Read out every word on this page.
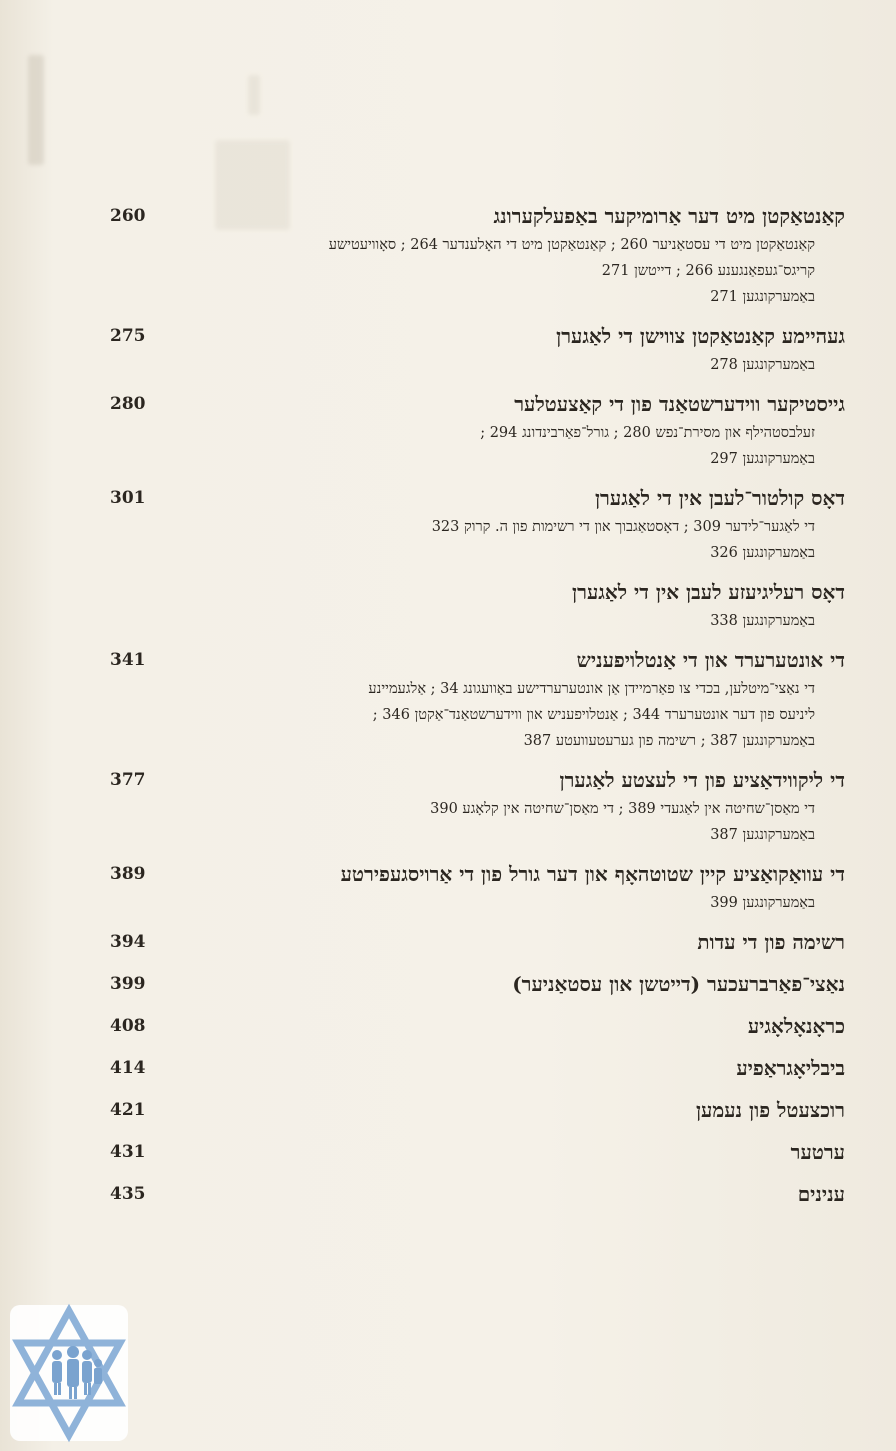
קאַנטאַקטן מיט דער אַרומיקער באַפעלקערונג
260
קאַנטאַקטן מיט די עסטאַניער 260 ; קאַנטאַקטן מיט די האָלענדער 264 ; סאָוויעטישע
קריגס־געפאַנגענע 266 ; דייטשן 271
באַמערקונגען 271
געהיימע קאַנטאַקטן צווישן די לאַגערן
275
באַמערקונגען 278
גייסטיקער ווידערשטאַנד פון די קאַצעטלער
280
זעלבסטהילף און מסירת־נפש 280 ; גורל־פאַרבינדונג 294 ;
באַמערקונגען 297
דאָס קולטור־לעבן אין די לאַגערן
301
די לאַגער־לידער 309 ; דאָסטאַגבוך און די רשימות פון ה. קרוק 323
באַמערקונגען 326
דאָס רעליגיעזע לעבן אין די לאַגערן
באַמערקונגען 338
די אונטערערד און די אַנטלויפעניש
341
די נאַצי־מיטלען, בכדי צו פאַרמיידן אַן אונטערערדישע באַוועגונג 34 ; אַלגעמיינע
ליניעס פון דער אונטערערד 344 ; אַנטלויפעניש און ווידערשטאַנד־אַקטן 346 ;
באַמערקונגען 387 ; רשימה פון גערעטעוועטע 387
די ליקווידאַציע פון די לעצטע לאַגערן
377
די מאַסן־שחיטה אין לאַגעדי 389 ; די מאַסן־שחיטה אין קלאָגע 390
באַמערקונגען 387
די עוואַקואַציע קיין שטוטהאָף און דער גורל פון די אַרויסגעפירטע
389
באַמערקונגען 399
רשימה פון די עדות
394
נאַצי־פאַרברעכער (דייטשן און עסטאַניער)
399
כראָנאָלאָגיע
408
ביבליאָגראַפיע
414
רוכצעטל פון נעמען
421
ערטער
431
ענינים
435
